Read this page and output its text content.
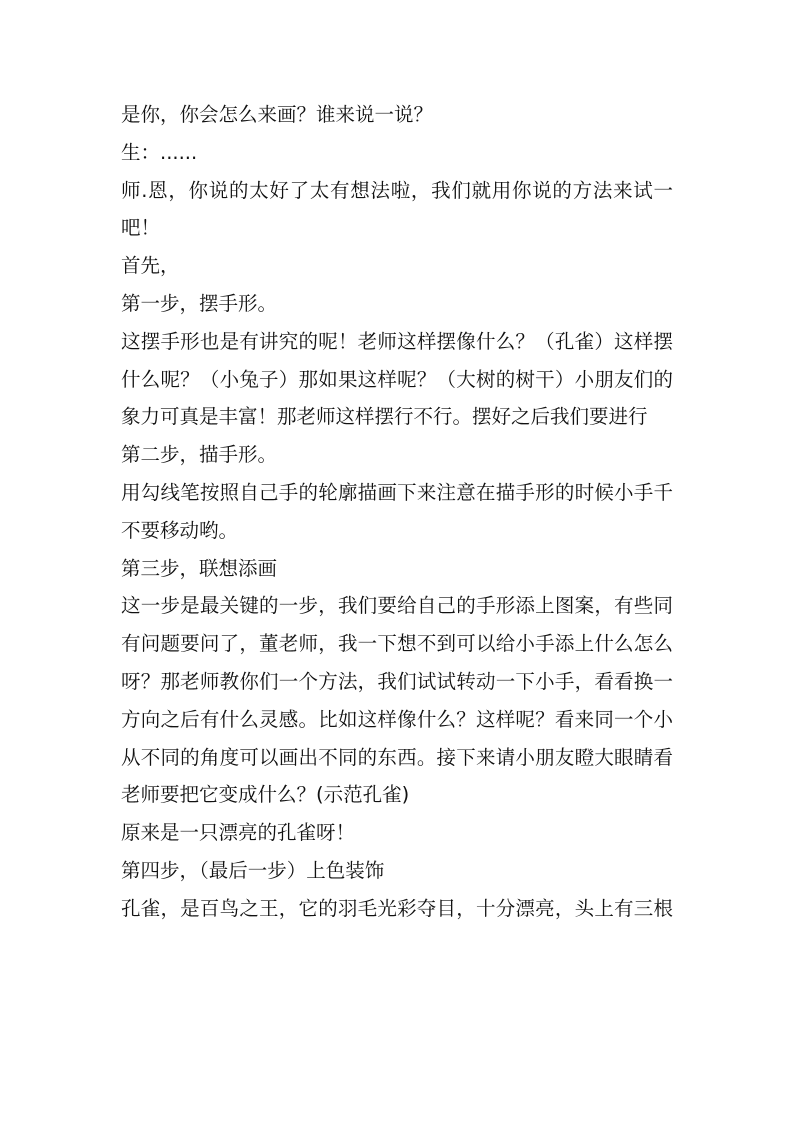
是你，你会怎么来画？谁来说一说？
生：......
师.恩，你说的太好了太有想法啦，我们就用你说的方法来试一
吧！
首先，
第一步，摆手形。
这摆手形也是有讲究的呢！老师这样摆像什么？（孔雀）这样摆
什么呢？（小兔子）那如果这样呢？（大树的树干）小朋友们的
象力可真是丰富！那老师这样摆行不行。摆好之后我们要进行
第二步，描手形。
用勾线笔按照自己手的轮廓描画下来注意在描手形的时候小手千
不要移动哟。
第三步，联想添画
这一步是最关键的一步，我们要给自己的手形添上图案，有些同
有问题要问了，董老师，我一下想不到可以给小手添上什么怎么
呀？那老师教你们一个方法，我们试试转动一下小手，看看换一
方向之后有什么灵感。比如这样像什么？这样呢？看来同一个小
从不同的角度可以画出不同的东西。接下来请小朋友瞪大眼睛看
老师要把它变成什么？(示范孔雀)
原来是一只漂亮的孔雀呀！
第四步，（最后一步）上色装饰
孔雀，是百鸟之王，它的羽毛光彩夺目，十分漂亮，头上有三根
